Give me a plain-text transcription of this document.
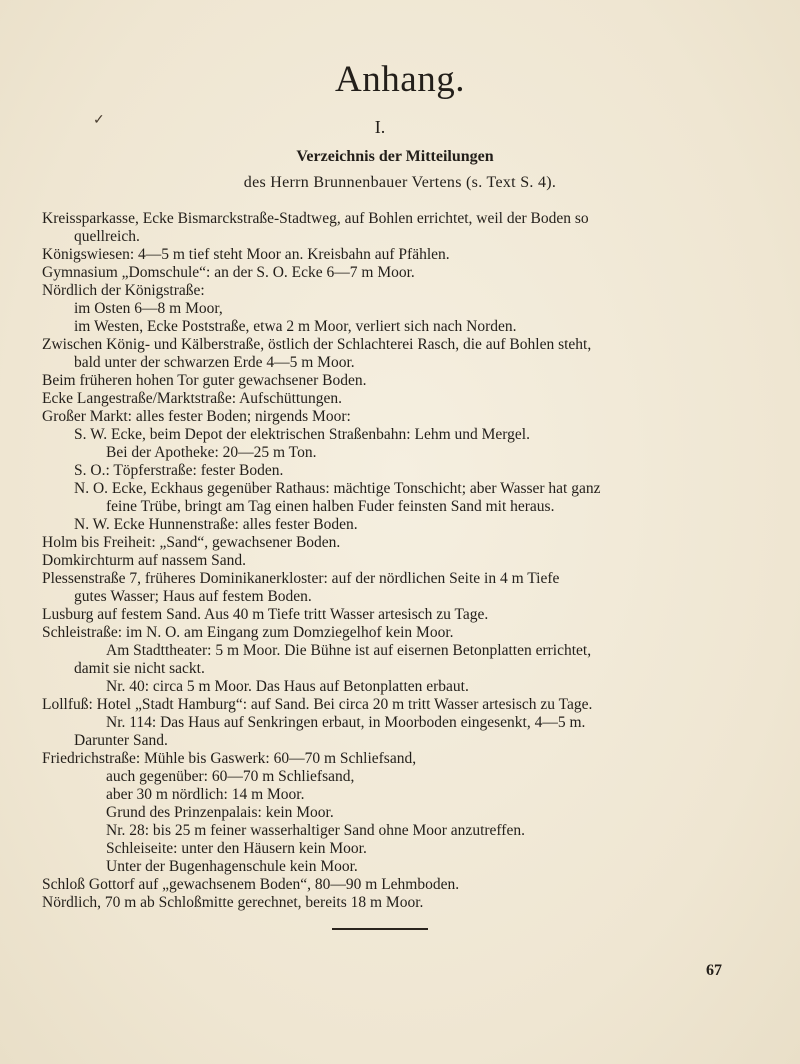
✓
Anhang.
I.
Verzeichnis der Mitteilungen
des Herrn Brunnenbauer Vertens (s. Text S. 4).
Kreissparkasse, Ecke Bismarckstraße-Stadtweg, auf Bohlen errichtet, weil der Boden so
quellreich.
Königswiesen: 4—5 m tief steht Moor an. Kreisbahn auf Pfählen.
Gymnasium „Domschule“: an der S. O. Ecke 6—7 m Moor.
Nördlich der Königstraße:
im Osten 6—8 m Moor,
im Westen, Ecke Poststraße, etwa 2 m Moor, verliert sich nach Norden.
Zwischen König- und Kälberstraße, östlich der Schlachterei Rasch, die auf Bohlen steht,
bald unter der schwarzen Erde 4—5 m Moor.
Beim früheren hohen Tor guter gewachsener Boden.
Ecke Langestraße/Marktstraße: Aufschüttungen.
Großer Markt: alles fester Boden; nirgends Moor:
S. W. Ecke, beim Depot der elektrischen Straßenbahn: Lehm und Mergel.
Bei der Apotheke: 20—25 m Ton.
S. O.: Töpferstraße: fester Boden.
N. O. Ecke, Eckhaus gegenüber Rathaus: mächtige Tonschicht; aber Wasser hat ganz
feine Trübe, bringt am Tag einen halben Fuder feinsten Sand mit heraus.
N. W. Ecke Hunnenstraße: alles fester Boden.
Holm bis Freiheit: „Sand“, gewachsener Boden.
Domkirchturm auf nassem Sand.
Plessenstraße 7, früheres Dominikanerkloster: auf der nördlichen Seite in 4 m Tiefe
gutes Wasser; Haus auf festem Boden.
Lusburg auf festem Sand. Aus 40 m Tiefe tritt Wasser artesisch zu Tage.
Schleistraße: im N. O. am Eingang zum Domziegelhof kein Moor.
Am Stadttheater: 5 m Moor. Die Bühne ist auf eisernen Betonplatten errichtet,
damit sie nicht sackt.
Nr. 40: circa 5 m Moor. Das Haus auf Betonplatten erbaut.
Lollfuß: Hotel „Stadt Hamburg“: auf Sand. Bei circa 20 m tritt Wasser artesisch zu Tage.
Nr. 114: Das Haus auf Senkringen erbaut, in Moorboden eingesenkt, 4—5 m.
Darunter Sand.
Friedrichstraße: Mühle bis Gaswerk: 60—70 m Schliefsand,
auch gegenüber: 60—70 m Schliefsand,
aber 30 m nördlich: 14 m Moor.
Grund des Prinzenpalais: kein Moor.
Nr. 28: bis 25 m feiner wasserhaltiger Sand ohne Moor anzutreffen.
Schleiseite: unter den Häusern kein Moor.
Unter der Bugenhagenschule kein Moor.
Schloß Gottorf auf „gewachsenem Boden“, 80—90 m Lehmboden.
Nördlich, 70 m ab Schloßmitte gerechnet, bereits 18 m Moor.
67
